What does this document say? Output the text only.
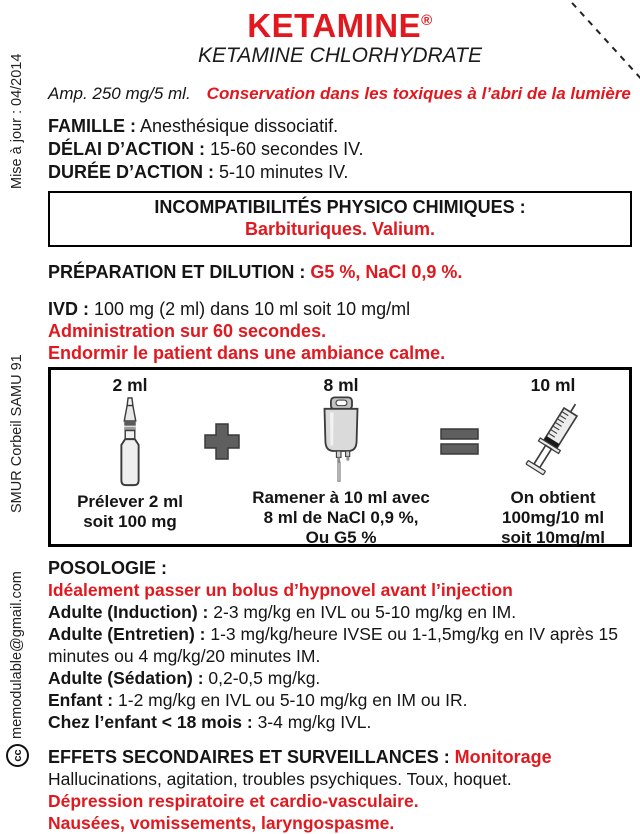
Mise à jour : 04/2014
SMUR Corbeil SAMU 91
memodulable@gmail.com
cc
KETAMINE®
KETAMINE CHLORHYDRATE
Amp. 250 mg/5 ml. Conservation dans les toxiques à l’abri de la lumière
FAMILLE : Anesthésique dissociatif.
DÉLAI D’ACTION : 15-60 secondes IV.
DURÉE D’ACTION : 5-10 minutes IV.
INCOMPATIBILITÉS PHYSICO CHIMIQUES :
Barbituriques. Valium.
PRÉPARATION ET DILUTION : G5 %, NaCl 0,9 %.
IVD : 100 mg (2 ml) dans 10 ml soit 10 mg/ml
Administration sur 60 secondes.
Endormir le patient dans une ambiance calme.
2 ml
Prélever 2 ml
soit 100 mg
8 ml
Ramener à 10 ml avec
8 ml de NaCl 0,9 %,
Ou G5 %
10 ml
On obtient
100mg/10 ml
soit 10mg/ml
POSOLOGIE :
Idéalement passer un bolus d’hypnovel avant l’injection
Adulte (Induction) : 2-3 mg/kg en IVL ou 5-10 mg/kg en IM.
Adulte (Entretien) : 1-3 mg/kg/heure IVSE ou 1-1,5mg/kg en IV après 15 minutes ou 4 mg/kg/20 minutes IM.
Adulte (Sédation) : 0,2-0,5 mg/kg.
Enfant : 1-2 mg/kg en IVL ou 5-10 mg/kg en IM ou IR.
Chez l’enfant < 18 mois : 3-4 mg/kg IVL.
EFFETS SECONDAIRES ET SURVEILLANCES : Monitorage
Hallucinations, agitation, troubles psychiques. Toux, hoquet.
Dépression respiratoire et cardio-vasculaire.
Nausées, vomissements, laryngospasme.
